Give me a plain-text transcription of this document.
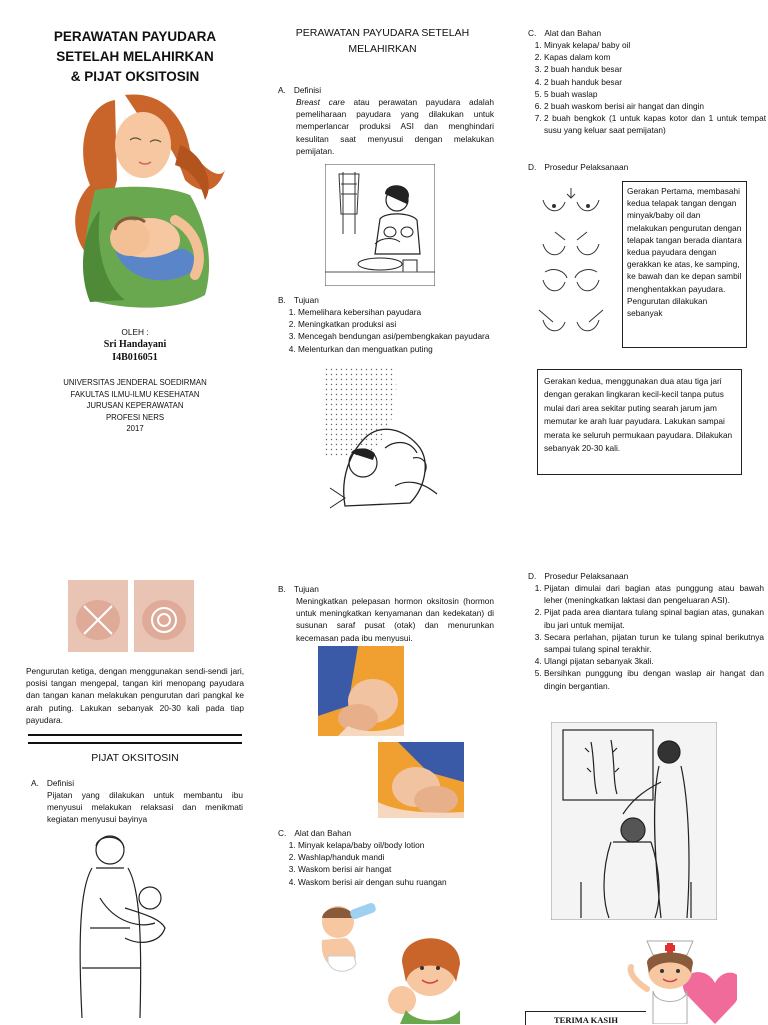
PERAWATAN PAYUDARA
SETELAH MELAHIRKAN
& PIJAT OKSITOSIN
OLEH :
Sri Handayani
I4B016051
UNIVERSITAS JENDERAL SOEDIRMAN
FAKULTAS ILMU-ILMU KESEHATAN
JURUSAN KEPERAWATAN
PROFESI NERS
2017
PERAWATAN PAYUDARA SETELAH
MELAHIRKAN
A. Definisi
Breast care atau perawatan payudara adalah pemeliharaan payudara yang dilakukan untuk memperlancar produksi ASI dan menghindari kesulitan saat menyusui dengan melakukan pemijatan.
B. Tujuan
1. Memelihara kebersihan payudara
2. Meningkatkan produksi asi
3. Mencegah bendungan asi/pembengkakan payudara
4. Melenturkan dan menguatkan puting
C. Alat dan Bahan
1. Minyak kelapa/ baby oil
2. Kapas dalam kom
3. 2 buah handuk besar
4. 2 buah handuk besar
5. 5 buah waslap
6. 2 buah waskom berisi air hangat dan dingin
7. 2 buah bengkok (1 untuk kapas kotor dan 1 untuk tempat susu yang keluar saat pemijatan)
D. Prosedur Pelaksanaan
Gerakan Pertama, membasahi kedua telapak tangan dengan minyak/baby oil dan melakukan pengurutan dengan telapak tangan berada diantara kedua payudara dengan gerakkan ke atas, ke samping, ke bawah dan ke depan sambil menghentakkan payudara. Pengurutan dilakukan sebanyak
Gerakan kedua, menggunakan dua atau tiga jari dengan gerakan lingkaran kecil-kecil tanpa putus mulai dari area sekitar puting searah jarum jam memutar ke arah luar payudara. Lakukan sampai merata ke seluruh permukaan payudara. Dilakukan sebanyak 20-30 kali.
Pengurutan ketiga, dengan menggunakan sendi-sendi jari, posisi tangan mengepal, tangan kiri menopang payudara dan tangan kanan melakukan pengurutan dari pangkal ke arah puting. Lakukan sebanyak 20-30 kali pada tiap payudara.
PIJAT OKSITOSIN
A. Definisi
Pijatan yang dilakukan untuk membantu ibu menyusui melakukan relaksasi dan menikmati kegiatan menyusui bayinya
B. Tujuan
Meningkatkan pelepasan hormon oksitosin (hormon untuk meningkatkan kenyamanan dan kedekatan) di susunan saraf pusat (otak) dan menurunkan kecemasan pada ibu menyusui.
C. Alat dan Bahan
1. Minyak kelapa/baby oil/body lotion
2. Washlap/handuk mandi
3. Waskom berisi air hangat
4. Waskom berisi air dengan suhu ruangan
D. Prosedur Pelaksanaan
1. Pijatan dimulai dari bagian atas punggung atau bawah leher (meningkatkan laktasi dan pengeluaran ASI).
2. Pijat pada area diantara tulang spinal bagian atas, gunakan ibu jari untuk memijat.
3. Secara perlahan, pijatan turun ke tulang spinal berikutnya sampai tulang spinal terakhir.
4. Ulangi pijatan sebanyak 3kali.
5. Bersihkan punggung ibu dengan waslap air hangat dan dingin bergantian.
TERIMA KASIH
